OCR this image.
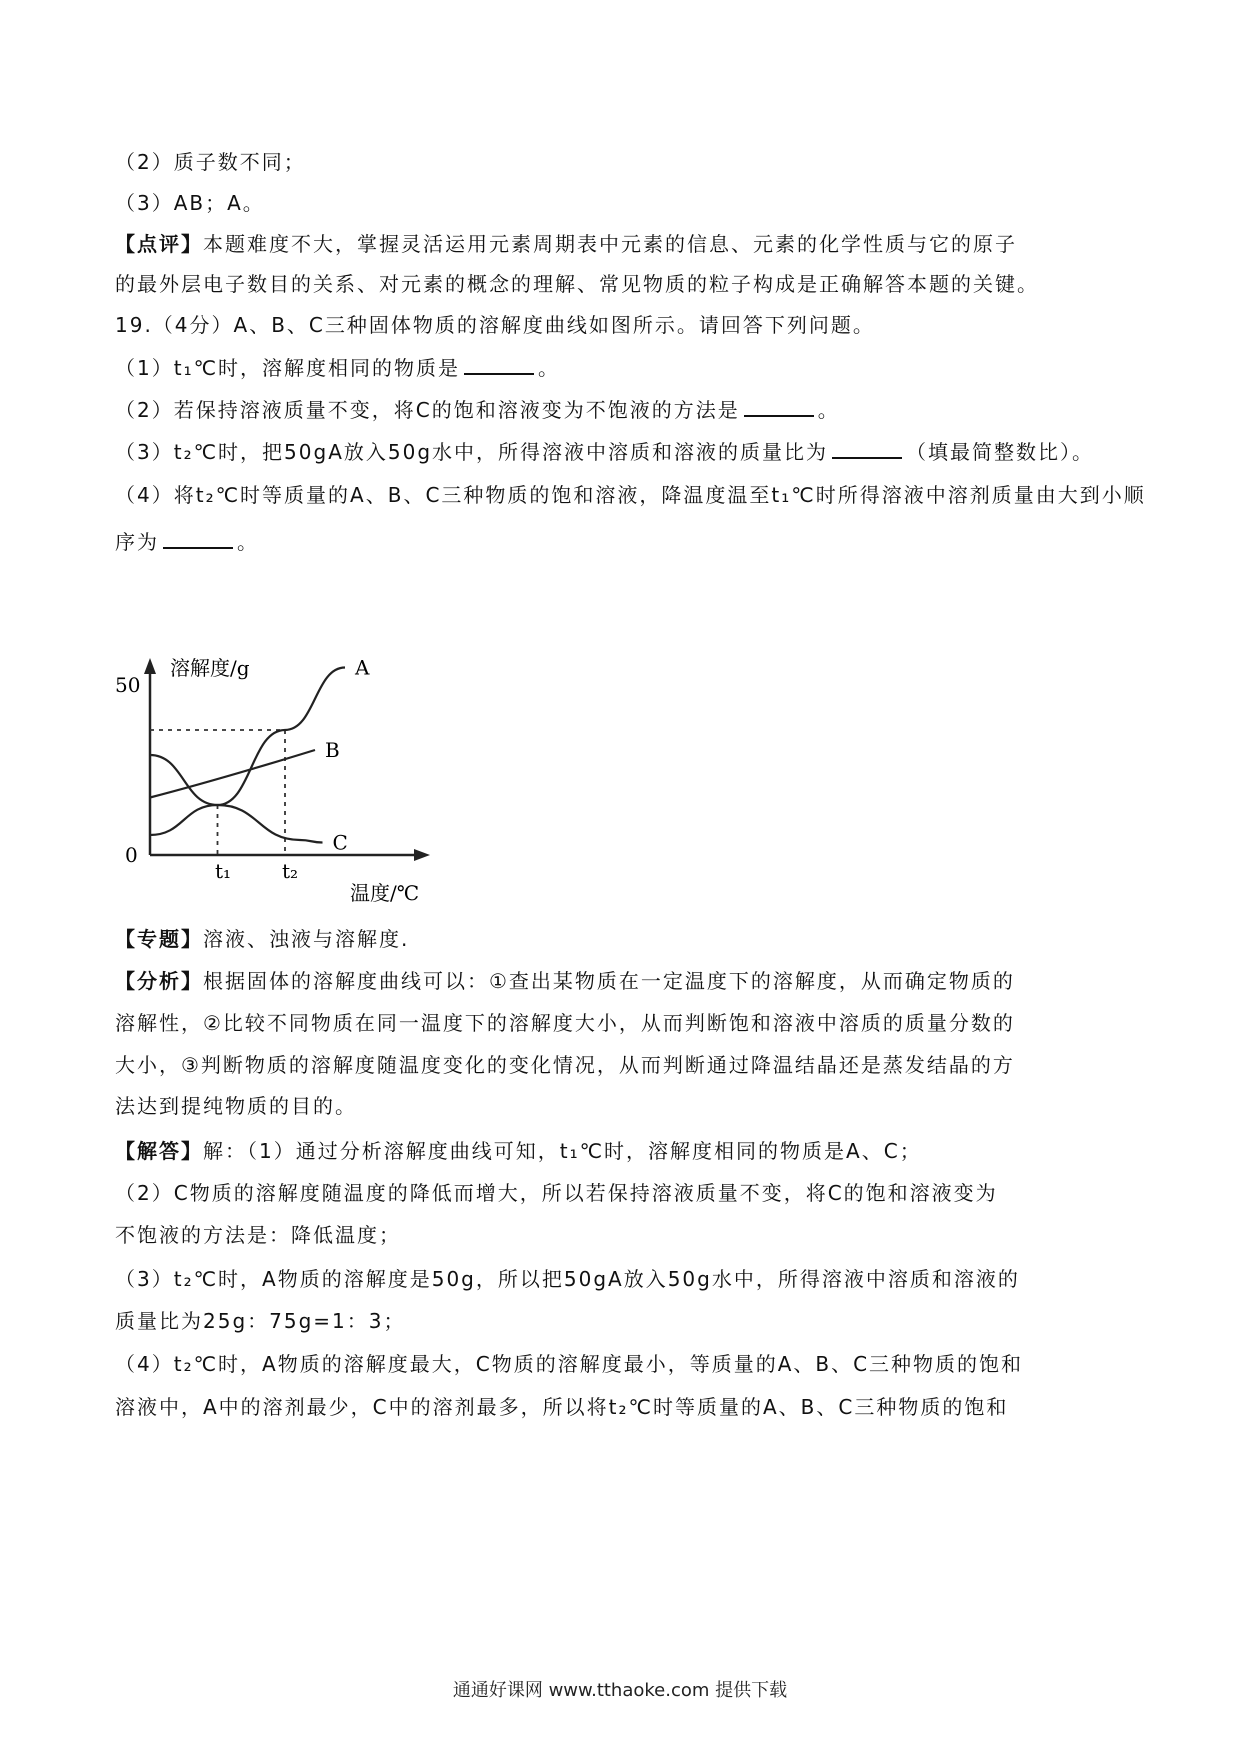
（2）质子数不同；
（3）AB；A。
【点评】本题难度不大，掌握灵活运用元素周期表中元素的信息、元素的化学性质与它的原子
的最外层电子数目的关系、对元素的概念的理解、常见物质的粒子构成是正确解答本题的关键。
19.（4分）A、B、C三种固体物质的溶解度曲线如图所示。请回答下列问题。
（1）t₁℃时，溶解度相同的物质是	。
（2）若保持溶液质量不变，将C的饱和溶液变为不饱液的方法是	。
（3）t₂℃时，把50gA放入50g水中，所得溶液中溶质和溶液的质量比为	（填最简整数比）。
（4）将t₂℃时等质量的A、B、C三种物质的饱和溶液，降温度温至t₁℃时所得溶液中溶剂质量由大到小顺
序为	。
【专题】溶液、浊液与溶解度.
【分析】根据固体的溶解度曲线可以：①查出某物质在一定温度下的溶解度，从而确定物质的
溶解性，②比较不同物质在同一温度下的溶解度大小，从而判断饱和溶液中溶质的质量分数的
大小，③判断物质的溶解度随温度变化的变化情况，从而判断通过降温结晶还是蒸发结晶的方
法达到提纯物质的目的。
【解答】解：（1）通过分析溶解度曲线可知，t₁℃时，溶解度相同的物质是A、C；
（2）C物质的溶解度随温度的降低而增大，所以若保持溶液质量不变，将C的饱和溶液变为
不饱液的方法是：降低温度；
（3）t₂℃时，A物质的溶解度是50g，所以把50gA放入50g水中，所得溶液中溶质和溶液的
质量比为25g：75g=1：3；
（4）t₂℃时，A物质的溶解度最大，C物质的溶解度最小，等质量的A、B、C三种物质的饱和
溶液中，A中的溶剂最少，C中的溶剂最多，所以将t₂℃时等质量的A、B、C三种物质的饱和
溶解度/g
温度/℃
0
50
t₁	t₂
A
B
C
通通好课网 www.tthaoke.com 提供下载
